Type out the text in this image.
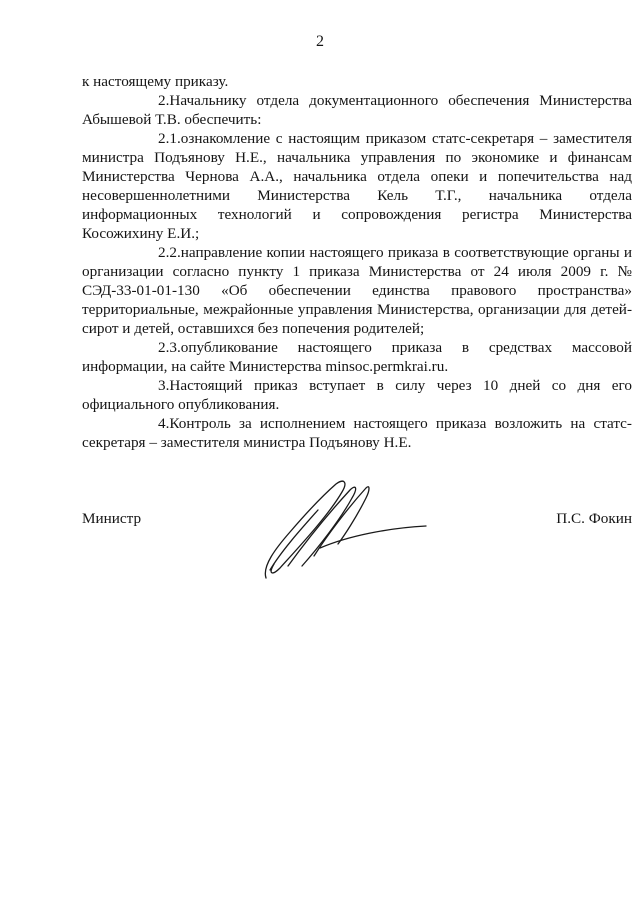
2

к настоящему приказу.

2.Начальнику отдела документационного обеспечения Министерства Абышевой Т.В. обеспечить:

2.1.ознакомление с настоящим приказом статс-секретаря – заместителя министра Подъянову Н.Е., начальника управления по экономике и финансам Министерства Чернова А.А., начальника отдела опеки и попечительства над несовершеннолетними Министерства Кель Т.Г., начальника отдела информационных технологий и сопровождения регистра Министерства Косожихину Е.И.;

2.2.направление копии настоящего приказа в соответствующие органы и организации согласно пункту 1 приказа Министерства от 24 июля 2009 г. № СЭД-33-01-01-130 «Об обеспечении единства правового пространства» территориальные, межрайонные управления Министерства, организации для детей-сирот и детей, оставшихся без попечения родителей;

2.3.опубликование настоящего приказа в средствах массовой информации, на сайте Министерства minsoc.permkrai.ru.

3.Настоящий приказ вступает в силу через 10 дней со дня его официального опубликования.

4.Контроль за исполнением настоящего приказа возложить на статс-секретаря – заместителя министра Подъянову Н.Е.

Министр	П.С. Фокин
